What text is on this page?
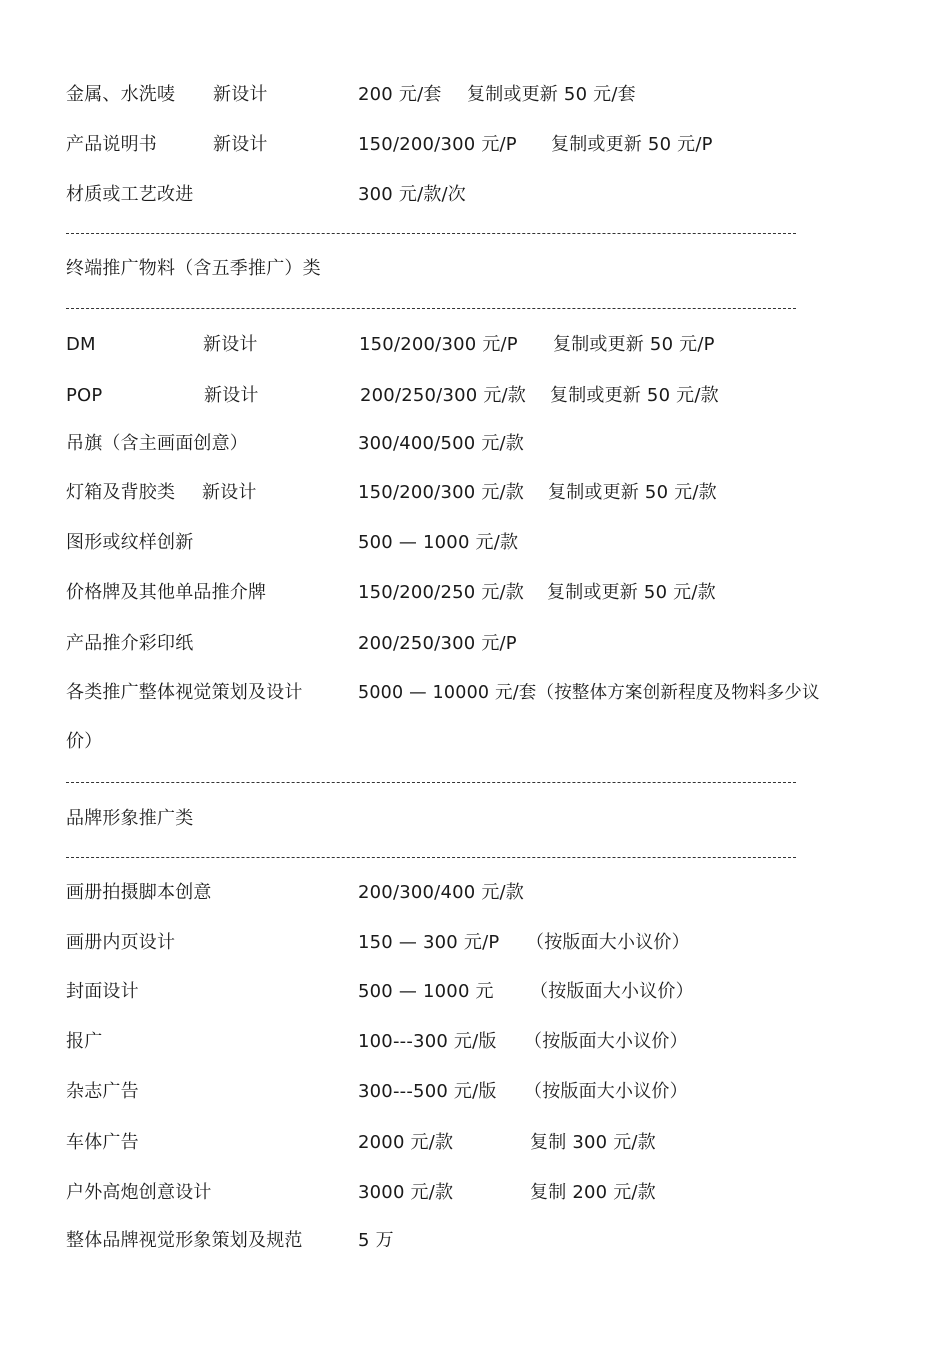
金属、水洗唛 新设计	200 元/套 复制或更新 50 元/套
产品说明书	新设计	150/200/300 元/P 复制或更新 50 元/P
材质或工艺改进	300 元/款/次
终端推广物料（含五季推广）类
DM	新设计	150/200/300 元/P 复制或更新 50 元/P
POP	新设计	200/250/300 元/款 复制或更新 50 元/款
吊旗（含主画面创意）	300/400/500 元/款
灯箱及背胶类 新设计	150/200/300 元/款 复制或更新 50 元/款
图形或纹样创新	500 — 1000 元/款
价格牌及其他单品推介牌	150/200/250 元/款 复制或更新 50 元/款
产品推介彩印纸	200/250/300 元/P
各类推广整体视觉策划及设计	5000 — 10000 元/套（按整体方案创新程度及物料多少议
价）
品牌形象推广类
画册拍摄脚本创意	200/300/400 元/款
画册内页设计	150 — 300 元/P （按版面大小议价）
封面设计	500 — 1000 元 （按版面大小议价）
报广	100---300 元/版 （按版面大小议价）
杂志广告	300---500 元/版 （按版面大小议价）
车体广告	2000 元/款	复制 300 元/款
户外高炮创意设计	3000 元/款	复制 200 元/款
整体品牌视觉形象策划及规范	5 万
